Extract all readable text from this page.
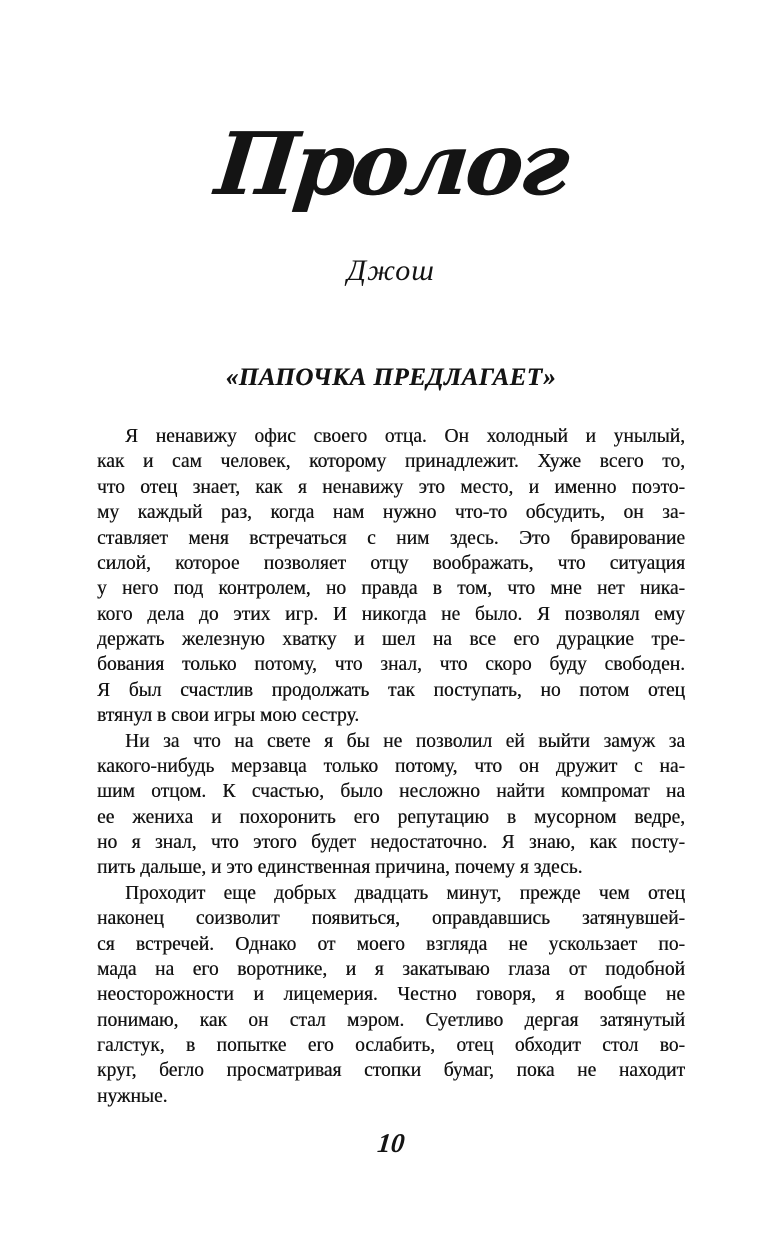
Пролог
Джош
«ПАПОЧКА ПРЕДЛАГАЕТ»
Я ненавижу офис своего отца. Он холодный и унылый,
как и сам человек, которому принадлежит. Хуже всего то,
что отец знает, как я ненавижу это место, и именно поэто-
му каждый раз, когда нам нужно что-то обсудить, он за-
ставляет меня встречаться с ним здесь. Это бравирование
силой, которое позволяет отцу воображать, что ситуация
у него под контролем, но правда в том, что мне нет ника-
кого дела до этих игр. И никогда не было. Я позволял ему
держать железную хватку и шел на все его дурацкие тре-
бования только потому, что знал, что скоро буду свободен.
Я был счастлив продолжать так поступать, но потом отец
втянул в свои игры мою сестру.
Ни за что на свете я бы не позволил ей выйти замуж за
какого-нибудь мерзавца только потому, что он дружит с на-
шим отцом. К счастью, было несложно найти компромат на
ее жениха и похоронить его репутацию в мусорном ведре,
но я знал, что этого будет недостаточно. Я знаю, как посту-
пить дальше, и это единственная причина, почему я здесь.
Проходит еще добрых двадцать минут, прежде чем отец
наконец соизволит появиться, оправдавшись затянувшей-
ся встречей. Однако от моего взгляда не ускользает по-
мада на его воротнике, и я закатываю глаза от подобной
неосторожности и лицемерия. Честно говоря, я вообще не
понимаю, как он стал мэром. Суетливо дергая затянутый
галстук, в попытке его ослабить, отец обходит стол во-
круг, бегло просматривая стопки бумаг, пока не находит
нужные.
10
